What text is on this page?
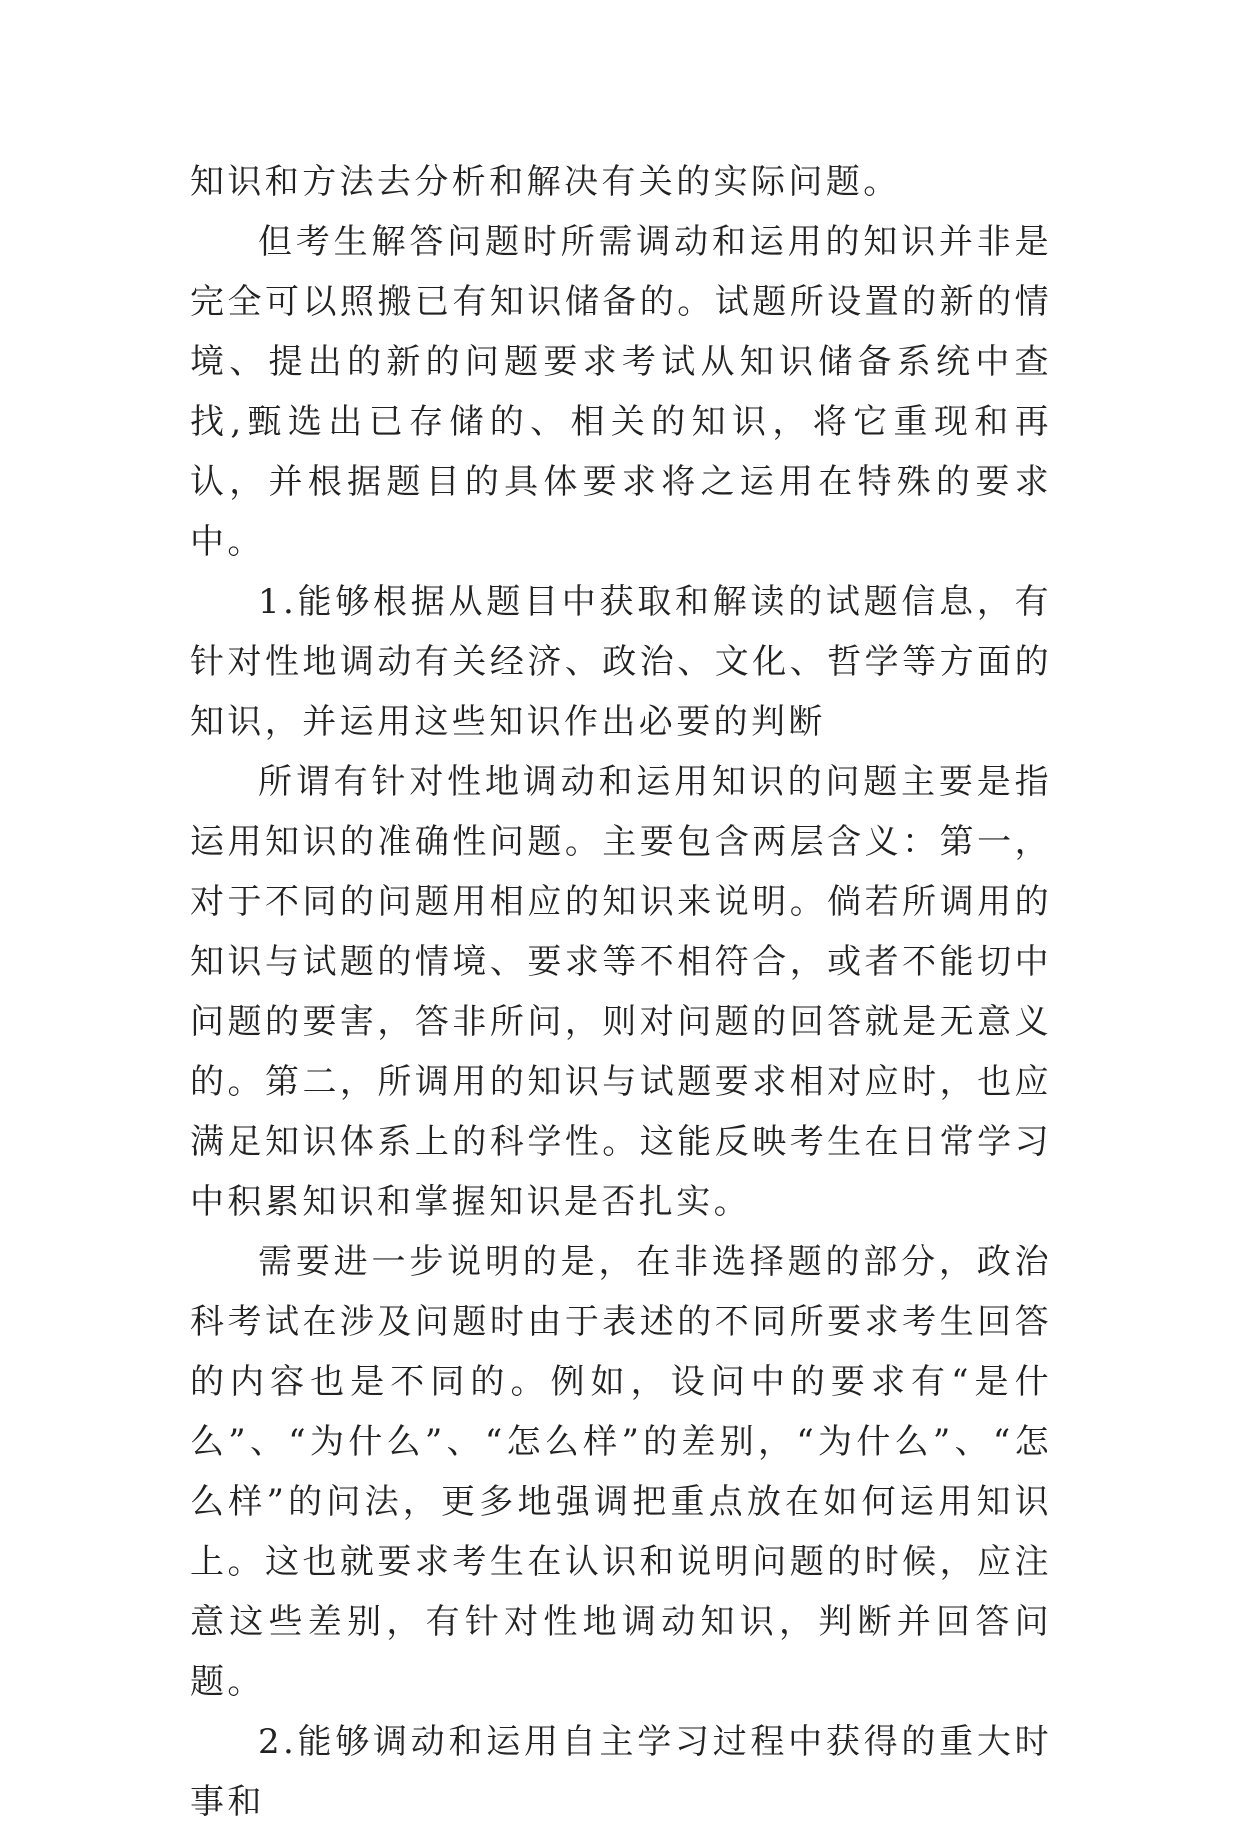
知识和方法去分析和解决有关的实际问题。

但考生解答问题时所需调动和运用的知识并非是完全可以照搬已有知识储备的。试题所设置的新的情境、提出的新的问题要求考试从知识储备系统中查找,甄选出已存储的、相关的知识，将它重现和再认，并根据题目的具体要求将之运用在特殊的要求中。

1.能够根据从题目中获取和解读的试题信息，有针对性地调动有关经济、政治、文化、哲学等方面的知识，并运用这些知识作出必要的判断

所谓有针对性地调动和运用知识的问题主要是指运用知识的准确性问题。主要包含两层含义：第一，对于不同的问题用相应的知识来说明。倘若所调用的知识与试题的情境、要求等不相符合，或者不能切中问题的要害，答非所问，则对问题的回答就是无意义的。第二，所调用的知识与试题要求相对应时，也应满足知识体系上的科学性。这能反映考生在日常学习中积累知识和掌握知识是否扎实。

需要进一步说明的是，在非选择题的部分，政治科考试在涉及问题时由于表述的不同所要求考生回答的内容也是不同的。例如，设问中的要求有“是什么”、“为什么”、“怎么样”的差别，“为什么”、“怎么样”的问法，更多地强调把重点放在如何运用知识上。这也就要求考生在认识和说明问题的时候，应注意这些差别，有针对性地调动知识，判断并回答问题。

2.能够调动和运用自主学习过程中获得的重大时事和
